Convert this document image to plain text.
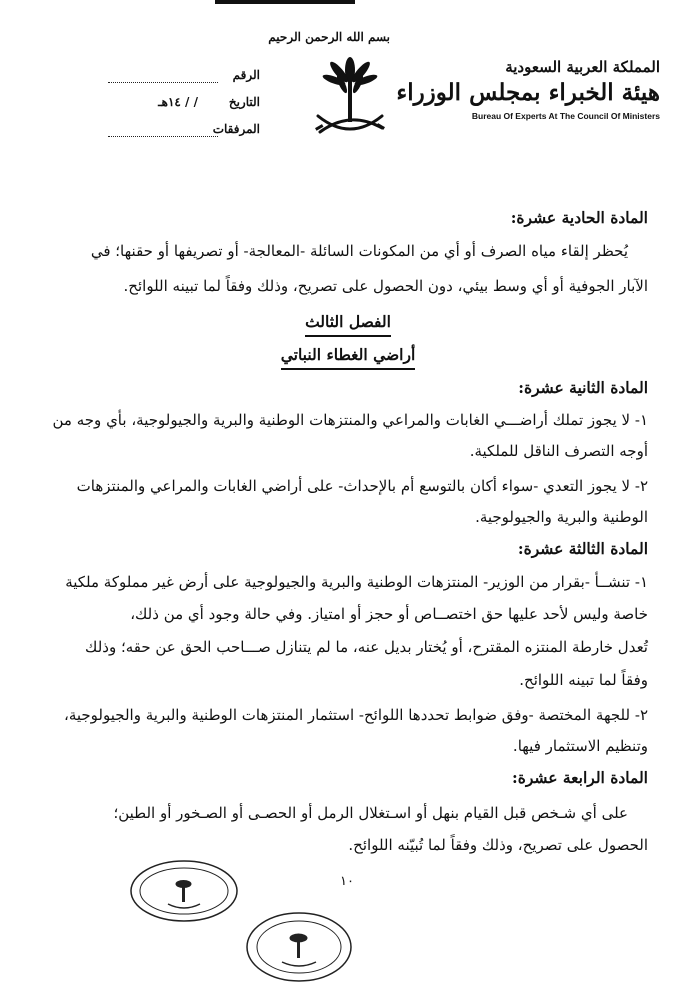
المملكة العربية السعودية
هيئة الخبراء بمجلس الوزراء
Bureau Of Experts At The Council Of Ministers
بسم الله الرحمن الرحيم
الرقم
التاريخ
/ / ١٤هـ
المرفقات
المادة الحادية عشرة:
يُحظر إلقاء مياه الصرف أو أي من المكونات السائلة -المعالجة- أو تصريفها أو حقنها؛ في
الآبار الجوفية أو أي وسط بيئي، دون الحصول على تصريح، وذلك وفقاً لما تبينه اللوائح.
الفصل الثالث
أراضي الغطاء النباتي
المادة الثانية عشرة:
١- لا يجوز تملك أراضـــي الغابات والمراعي والمنتزهات الوطنية والبرية والجيولوجية، بأي وجه من
أوجه التصرف الناقل للملكية.
٢- لا يجوز التعدي -سواء أكان بالتوسع أم بالإحداث- على أراضي الغابات والمراعي والمنتزهات
الوطنية والبرية والجيولوجية.
المادة الثالثة عشرة:
١- تنشــأ -بقرار من الوزير- المنتزهات الوطنية والبرية والجيولوجية على أرض غير مملوكة ملكية
خاصة وليس لأحد عليها حق اختصــاص أو حجز أو امتياز. وفي حالة وجود أي من ذلك،
تُعدل خارطة المنتزه المقترح، أو يُختار بديل عنه، ما لم يتنازل صـــاحب الحق عن حقه؛ وذلك
وفقاً لما تبينه اللوائح.
٢- للجهة المختصة -وفق ضوابط تحددها اللوائح- استثمار المنتزهات الوطنية والبرية والجيولوجية،
وتنظيم الاستثمار فيها.
المادة الرابعة عشرة:
على أي شـخص قبل القيام بنهل أو اسـتغلال الرمل أو الحصـى أو الصـخور أو الطين؛
الحصول على تصريح، وذلك وفقاً لما تُبيّنه اللوائح.
١٠
